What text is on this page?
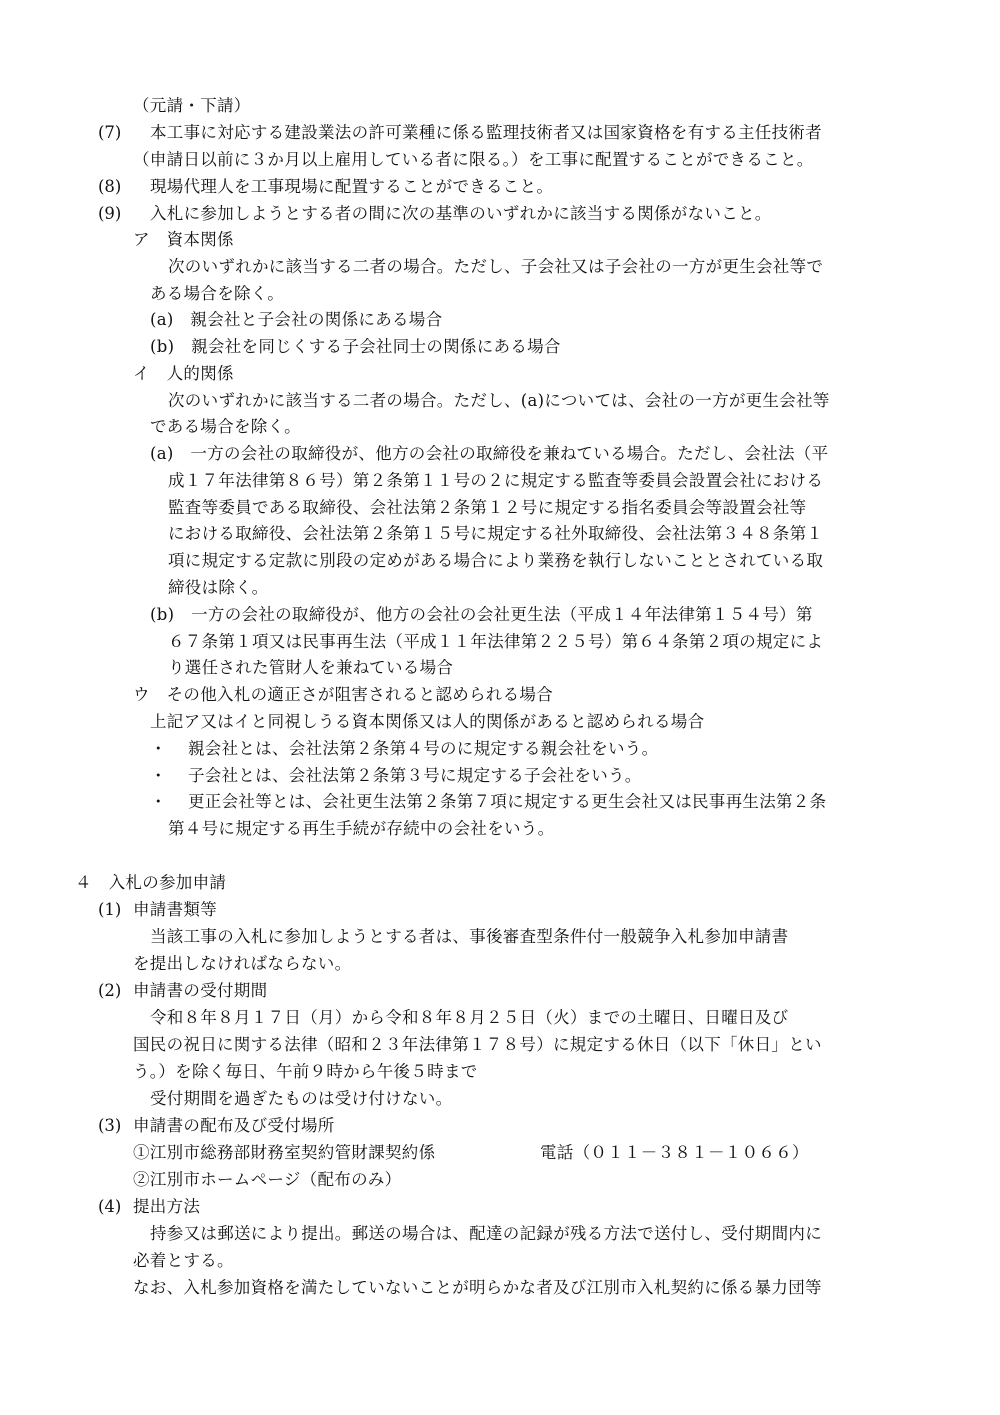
（元請・下請）
(7) 本工事に対応する建設業法の許可業種に係る監理技術者又は国家資格を有する主任技術者
（申請日以前に３か月以上雇用している者に限る。）を工事に配置することができること。
(8) 現場代理人を工事現場に配置することができること。
(9) 入札に参加しようとする者の間に次の基準のいずれかに該当する関係がないこと。
ア　資本関係
次のいずれかに該当する二者の場合。ただし、子会社又は子会社の一方が更生会社等で
ある場合を除く。
(a)　親会社と子会社の関係にある場合
(b)　親会社を同じくする子会社同士の関係にある場合
イ　人的関係
次のいずれかに該当する二者の場合。ただし、(a)については、会社の一方が更生会社等
である場合を除く。
(a)　一方の会社の取締役が、他方の会社の取締役を兼ねている場合。ただし、会社法（平
成１７年法律第８６号）第２条第１１号の２に規定する監査等委員会設置会社における
監査等委員である取締役、会社法第２条第１２号に規定する指名委員会等設置会社等
における取締役、会社法第２条第１５号に規定する社外取締役、会社法第３４８条第１
項に規定する定款に別段の定めがある場合により業務を執行しないこととされている取
締役は除く。
(b)　一方の会社の取締役が、他方の会社の会社更生法（平成１４年法律第１５４号）第
６７条第１項又は民事再生法（平成１１年法律第２２５号）第６４条第２項の規定によ
り選任された管財人を兼ねている場合
ウ　その他入札の適正さが阻害されると認められる場合
上記ア又はイと同視しうる資本関係又は人的関係があると認められる場合
・ 親会社とは、会社法第２条第４号のに規定する親会社をいう。
・ 子会社とは、会社法第２条第３号に規定する子会社をいう。
・ 更正会社等とは、会社更生法第２条第７項に規定する更生会社又は民事再生法第２条
第４号に規定する再生手続が存続中の会社をいう。
４　入札の参加申請
(1) 申請書類等
当該工事の入札に参加しようとする者は、事後審査型条件付一般競争入札参加申請書
を提出しなければならない。
(2) 申請書の受付期間
令和８年８月１７日（月）から令和８年８月２５日（火）までの土曜日、日曜日及び
国民の祝日に関する法律（昭和２３年法律第１７８号）に規定する休日（以下「休日」とい
う。）を除く毎日、午前９時から午後５時まで
受付期間を過ぎたものは受け付けない。
(3) 申請書の配布及び受付場所
①江別市総務部財務室契約管財課契約係	電話（０１１－３８１－１０６６）
②江別市ホームページ（配布のみ）
(4) 提出方法
持参又は郵送により提出。郵送の場合は、配達の記録が残る方法で送付し、受付期間内に
必着とする。
なお、入札参加資格を満たしていないことが明らかな者及び江別市入札契約に係る暴力団等
